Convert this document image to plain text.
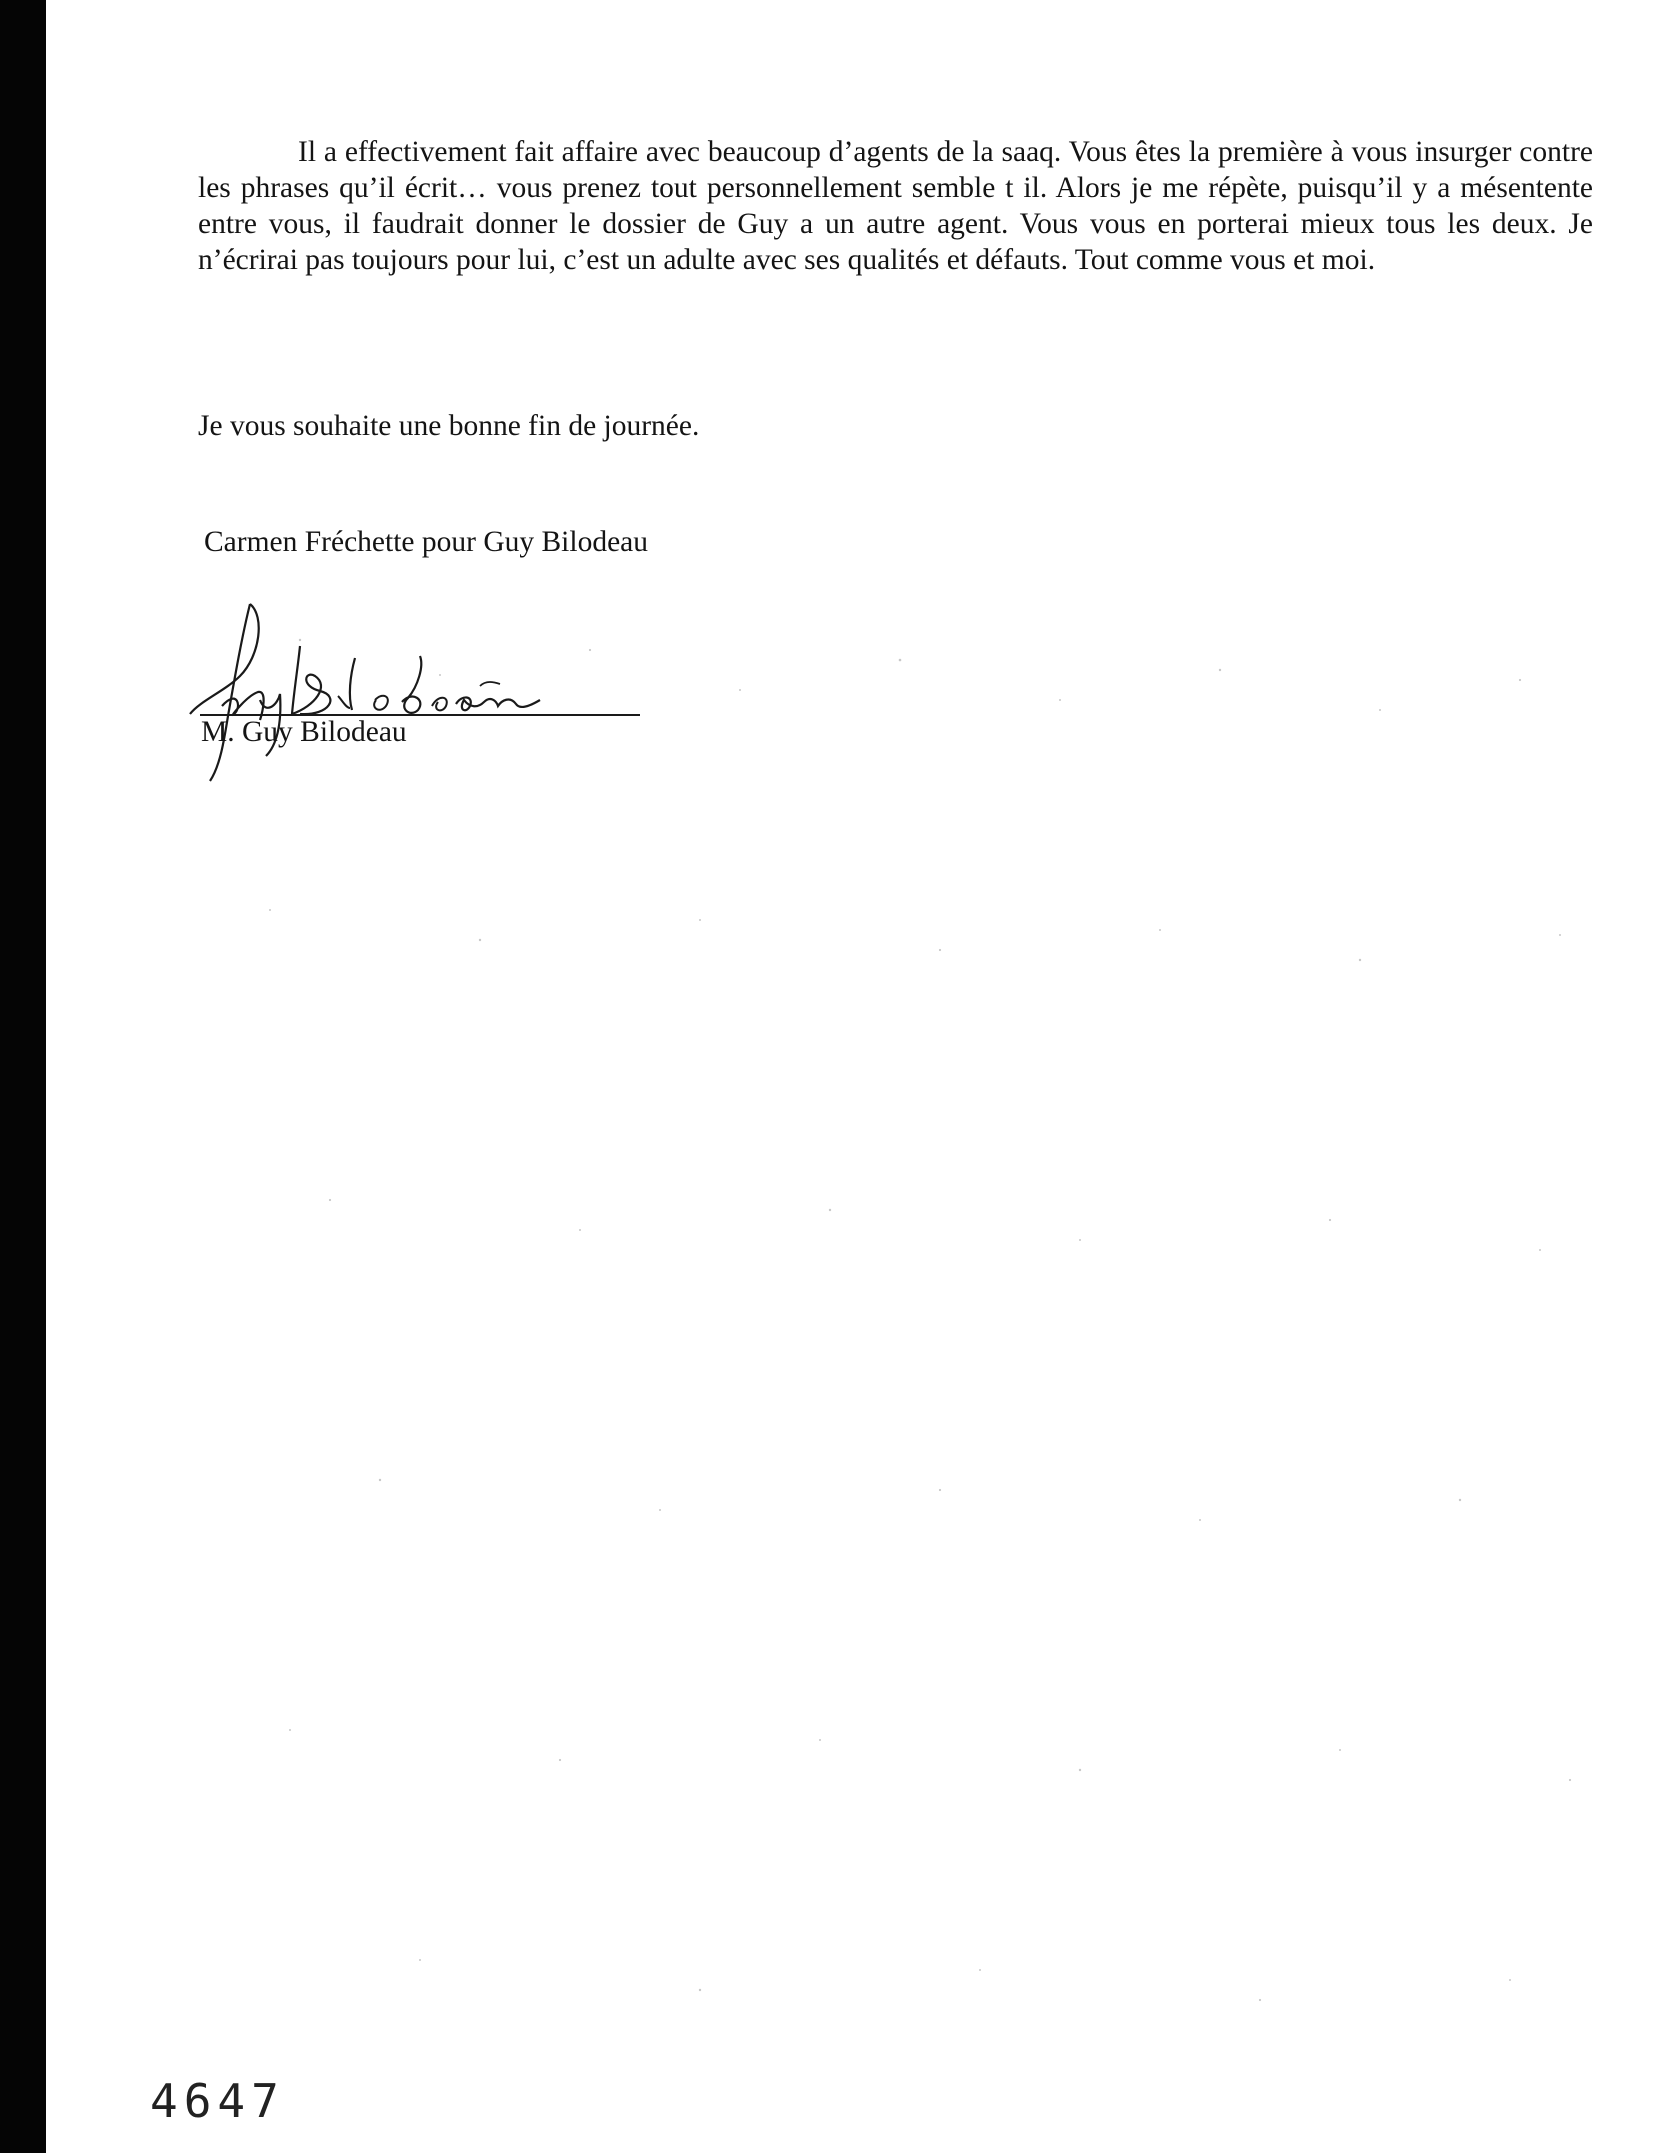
Il a effectivement fait affaire avec beaucoup d’agents de la saaq. Vous êtes la première à vous insurger contre les phrases qu’il écrit… vous prenez tout personnellement semble t il. Alors je me répète, puisqu’il y a mésentente entre vous, il faudrait donner le dossier de Guy a un autre agent. Vous vous en porterai mieux tous les deux. Je n’écrirai pas toujours pour lui, c’est un adulte avec ses qualités et défauts. Tout comme vous et moi.

Je vous souhaite une bonne fin de journée.

Carmen Fréchette pour Guy Bilodeau

M. Guy Bilodeau

4647
